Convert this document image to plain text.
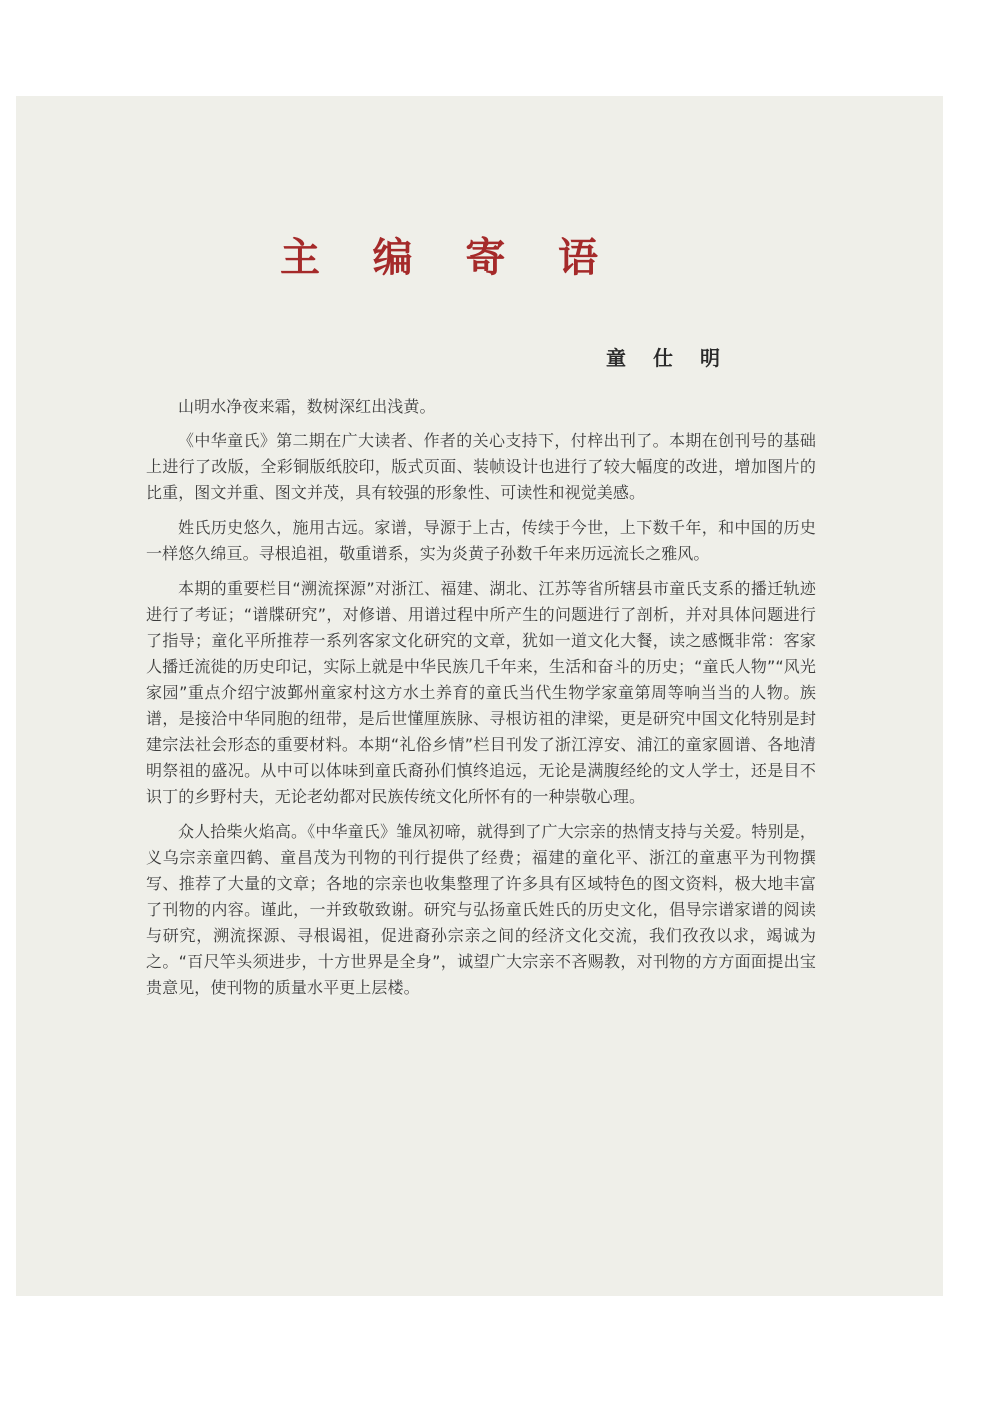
主 编 寄 语
童 仕 明

山明水净夜来霜，数树深红出浅黄。

《中华童氏》第二期在广大读者、作者的关心支持下，付梓出刊了。本期在创刊号的基础上进行了改版，全彩铜版纸胶印，版式页面、装帧设计也进行了较大幅度的改进，增加图片的比重，图文并重、图文并茂，具有较强的形象性、可读性和视觉美感。

姓氏历史悠久，施用古远。家谱，导源于上古，传续于今世，上下数千年，和中国的历史一样悠久绵亘。寻根追祖，敬重谱系，实为炎黄子孙数千年来历远流长之雅风。

本期的重要栏目“溯流探源”对浙江、福建、湖北、江苏等省所辖县市童氏支系的播迁轨迹进行了考证；“谱牒研究”，对修谱、用谱过程中所产生的问题进行了剖析，并对具体问题进行了指导；童化平所推荐一系列客家文化研究的文章，犹如一道文化大餐，读之感慨非常：客家人播迁流徙的历史印记，实际上就是中华民族几千年来，生活和奋斗的历史；“童氏人物”“风光家园”重点介绍宁波鄞州童家村这方水土养育的童氏当代生物学家童第周等响当当的人物。族谱，是接洽中华同胞的纽带，是后世懂厘族脉、寻根访祖的津梁，更是研究中国文化特别是封建宗法社会形态的重要材料。本期“礼俗乡情”栏目刊发了浙江淳安、浦江的童家圆谱、各地清明祭祖的盛况。从中可以体味到童氏裔孙们慎终追远，无论是满腹经纶的文人学士，还是目不识丁的乡野村夫，无论老幼都对民族传统文化所怀有的一种崇敬心理。

众人拾柴火焰高。《中华童氏》雏凤初啼，就得到了广大宗亲的热情支持与关爱。特别是，义乌宗亲童四鹤、童昌茂为刊物的刊行提供了经费；福建的童化平、浙江的童惠平为刊物撰写、推荐了大量的文章；各地的宗亲也收集整理了许多具有区域特色的图文资料，极大地丰富了刊物的内容。谨此，一并致敬致谢。研究与弘扬童氏姓氏的历史文化，倡导宗谱家谱的阅读与研究，溯流探源、寻根谒祖，促进裔孙宗亲之间的经济文化交流，我们孜孜以求，竭诚为之。“百尺竿头须进步，十方世界是全身”，诚望广大宗亲不吝赐教，对刊物的方方面面提出宝贵意见，使刊物的质量水平更上层楼。
